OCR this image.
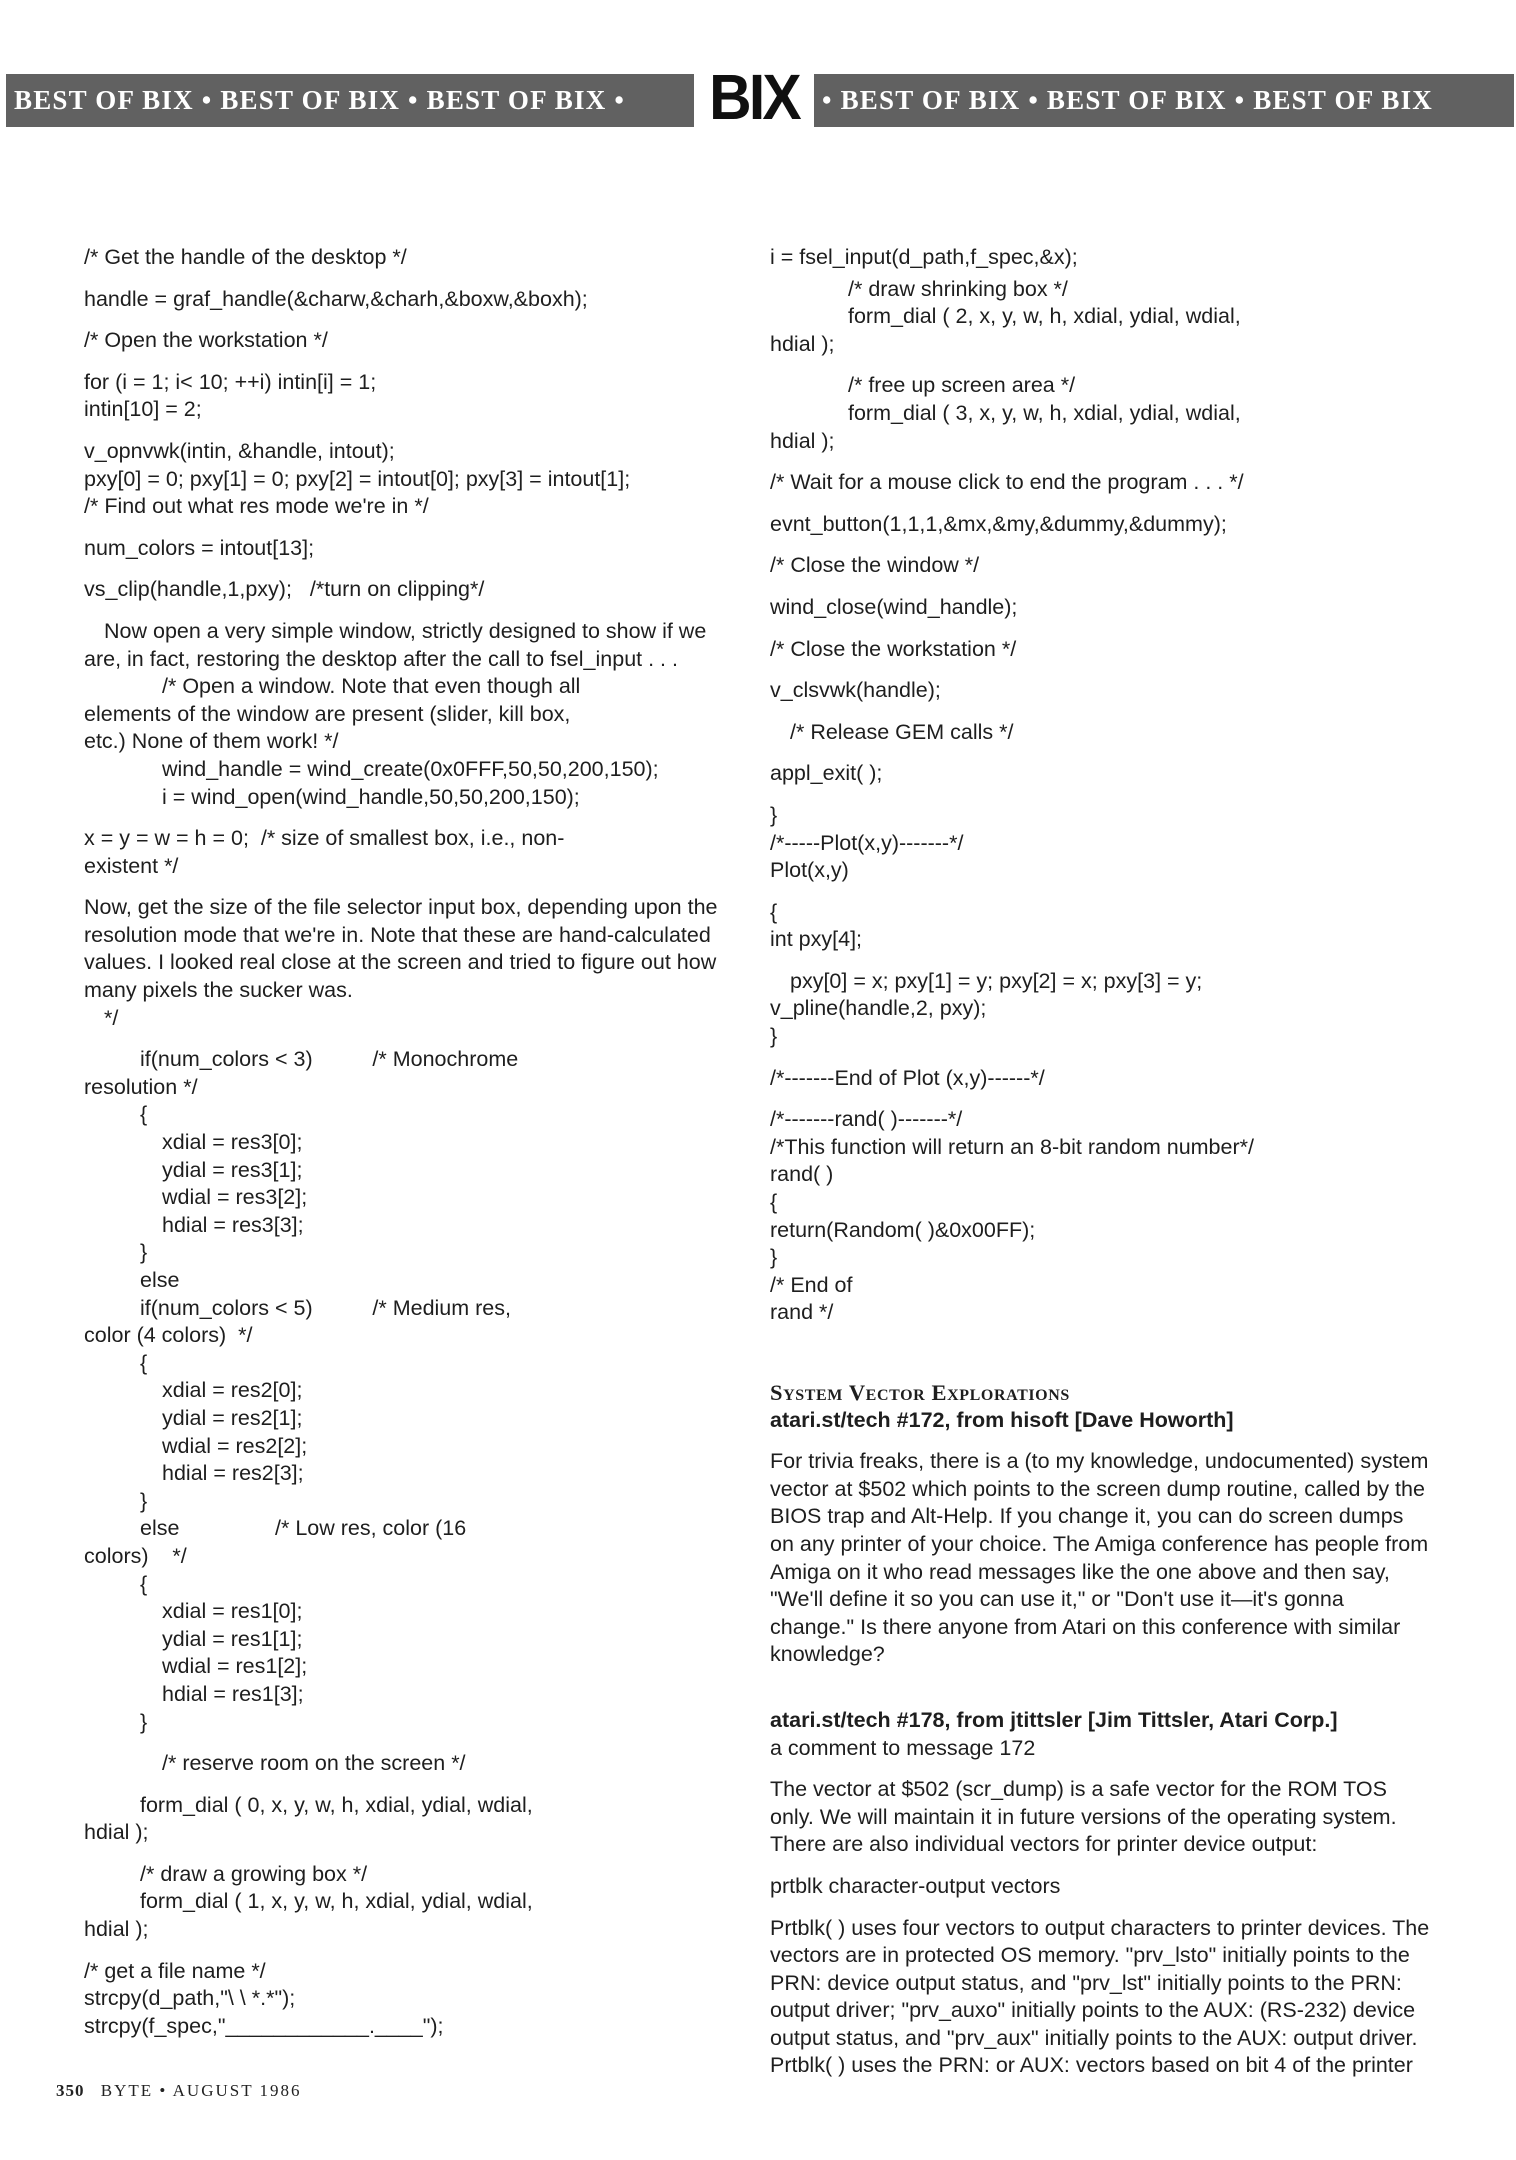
BEST OF BIX • BEST OF BIX • BEST OF BIX •	BIX • BEST OF BIX • BEST OF BIX • BEST OF BIX
/* Get the handle of the desktop */
handle = graf_handle(&charw,&charh,&boxw,&boxh);
/* Open the workstation */
for (i = 1; i< 10; ++i) intin[i] = 1;
intin[10] = 2;
v_opnvwk(intin, &handle, intout);
pxy[0] = 0; pxy[1] = 0; pxy[2] = intout[0]; pxy[3] = intout[1];
/* Find out what res mode we're in */
num_colors = intout[13];
vs_clip(handle,1,pxy);   /*turn on clipping*/
Now open a very simple window, strictly designed to show if we are, in fact, restoring the desktop after the call to fsel_input . . .
/* Open a window. Note that even though all
elements of the window are present (slider, kill box,
etc.) None of them work! */
wind_handle = wind_create(0x0FFF,50,50,200,150);
i = wind_open(wind_handle,50,50,200,150);
x = y = w = h = 0;  /* size of smallest box, i.e., non-
existent */
Now, get the size of the file selector input box, depending upon the resolution mode that we're in. Note that these are hand-calculated values. I looked real close at the screen and tried to figure out how many pixels the sucker was.
*/
if(num_colors < 3)          /* Monochrome
resolution */
{
xdial = res3[0];
ydial = res3[1];
wdial = res3[2];
hdial = res3[3];
}
else
if(num_colors < 5)          /* Medium res,
color (4 colors)  */
{
xdial = res2[0];
ydial = res2[1];
wdial = res2[2];
hdial = res2[3];
}
else                /* Low res, color (16
colors)    */
{
xdial = res1[0];
ydial = res1[1];
wdial = res1[2];
hdial = res1[3];
}
/* reserve room on the screen */
form_dial ( 0, x, y, w, h, xdial, ydial, wdial,
hdial );
/* draw a growing box */
form_dial ( 1, x, y, w, h, xdial, ydial, wdial,
hdial );
/* get a file name */
strcpy(d_path,"\ \ *.*");
strcpy(f_spec,"____________.____");
i = fsel_input(d_path,f_spec,&x);
/* draw shrinking box */
form_dial ( 2, x, y, w, h, xdial, ydial, wdial,
hdial );
/* free up screen area */
form_dial ( 3, x, y, w, h, xdial, ydial, wdial,
hdial );
/* Wait for a mouse click to end the program . . . */
evnt_button(1,1,1,&mx,&my,&dummy,&dummy);
/* Close the window */
wind_close(wind_handle);
/* Close the workstation */
v_clsvwk(handle);
/* Release GEM calls */
appl_exit( );
}
/*-----Plot(x,y)-------*/
Plot(x,y)
{
int pxy[4];
pxy[0] = x; pxy[1] = y; pxy[2] = x; pxy[3] = y;
v_pline(handle,2, pxy);
}
/*-------End of Plot (x,y)------*/
/*-------rand( )-------*/
/*This function will return an 8-bit random number*/
rand( )
{
return(Random( )&0x00FF);
}
/* End of
rand */
System Vector Explorations
atari.st/tech #172, from hisoft [Dave Howorth]
For trivia freaks, there is a (to my knowledge, undocumented) system vector at $502 which points to the screen dump routine, called by the BIOS trap and Alt-Help. If you change it, you can do screen dumps on any printer of your choice. The Amiga conference has people from Amiga on it who read messages like the one above and then say, "We'll define it so you can use it," or "Don't use it—it's gonna change." Is there anyone from Atari on this conference with similar knowledge?
atari.st/tech #178, from jtittsler [Jim Tittsler, Atari Corp.]
a comment to message 172
The vector at $502 (scr_dump) is a safe vector for the ROM TOS only. We will maintain it in future versions of the operating system. There are also individual vectors for printer device output:
prtblk character-output vectors
Prtblk( ) uses four vectors to output characters to printer devices. The vectors are in protected OS memory. "prv_lsto" initially points to the PRN: device output status, and "prv_lst" initially points to the PRN: output driver; "prv_auxo" initially points to the AUX: (RS-232) device output status, and "prv_aux" initially points to the AUX: output driver. Prtblk( ) uses the PRN: or AUX: vectors based on bit 4 of the printer
350 BYTE • AUGUST 1986
